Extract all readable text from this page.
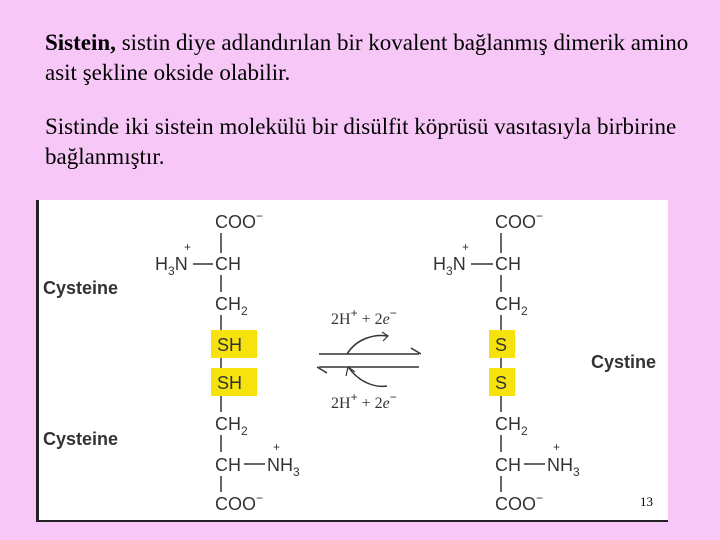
Sistein, sistin diye adlandırılan bir kovalent bağlanmış dimerik amino asit şekline okside olabilir.

Sistinde iki sistein molekülü bir disülfit köprüsü vasıtasıyla birbirine bağlanmıştır.

Cysteine
Cysteine
COO−
+
$H_3N$ CH
$CH_2$
SH
SH
$CH_2$
CH $NH_3$
+
COO−
2H+ + 2e−
2H+ + 2e−
COO−
+
$H_3N$ CH
$CH_2$
S
S
$CH_2$
CH $NH_3$
+
COO−
Cystine
13
